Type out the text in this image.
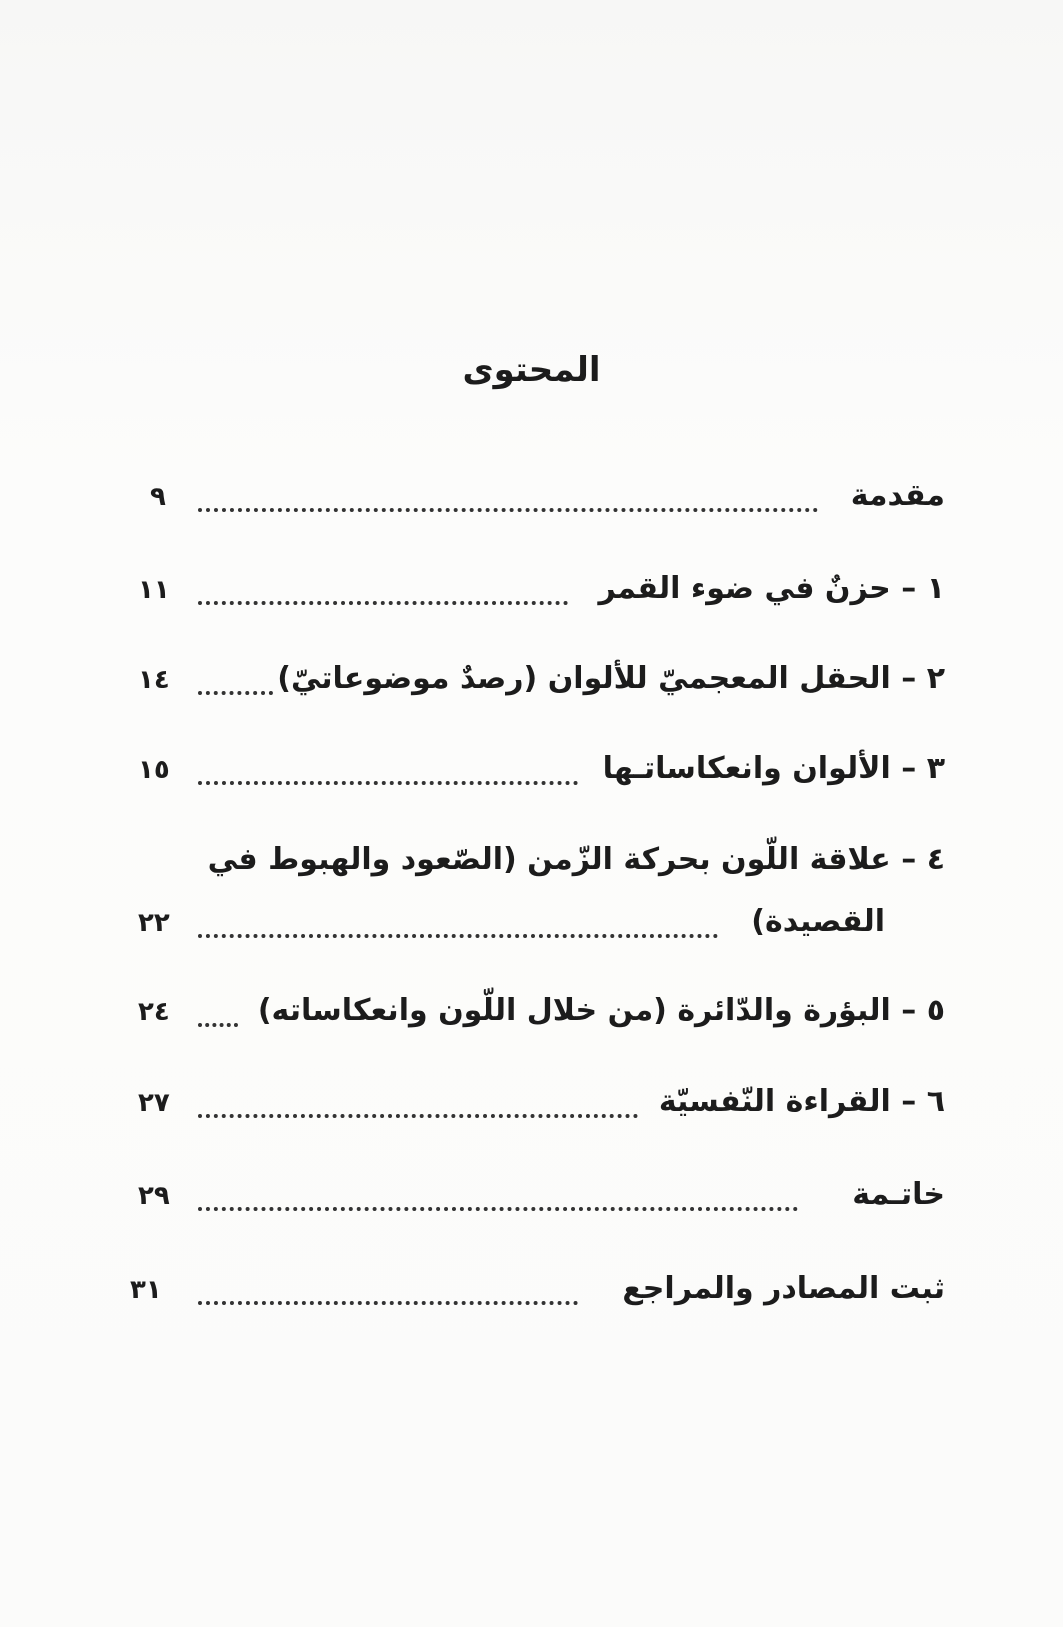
المحتوى
مقدمة
٩
١ – حزنٌ في ضوء القمر
١١
٢ – الحقل المعجميّ للألوان (رصدٌ موضوعاتيّ)
١٤
٣ – الألوان وانعكاساتـها
١٥
٤ – علاقة اللّون بحركة الزّمن (الصّعود والهبوط في
القصيدة)
٢٢
٥ – البؤرة والدّائرة (من خلال اللّون وانعكاساته)
٢٤
٦ – القراءة النّفسيّة
٢٧
خاتـمة
٢٩
ثبت المصادر والمراجع
٣١
